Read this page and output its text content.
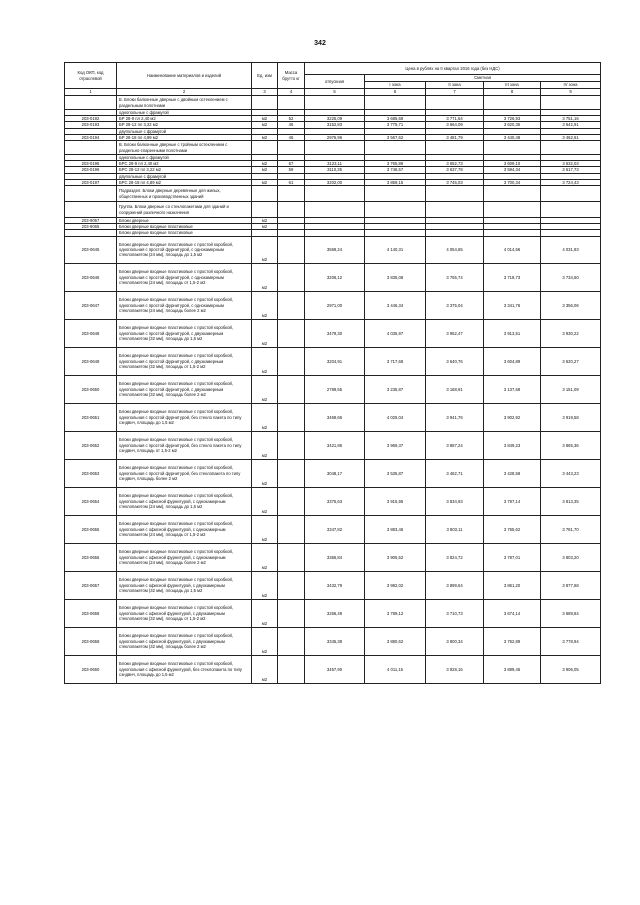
342
Код ОКП, код отраслевой	Наименование материалов и изделий	Ед. изм	Масса брутто кг	Цена в рублях на II квартал 2016 года (без НДС)				
				отпускная	Сметная			
					I зона	II зона	III зона	IV зона
1	2	3	4	5	6	7	8	9
	Б. Блоки балконные дверные с двойным остеклением с раздельным полотнами							
	однопольные с фрамугой							
203-0192	БР 28-9 пл 2,40 м2	м2	52	3225,09	3 685,68	3 771,64	3 726,93	3 751,16
203-0193	БР 28-12 пл 3,22 м2	м2	46	3152,83	3 775,71	3 664,09	3 620,35	3 642,91
	двупольные с фрамугой							
203-0194	БР 28-18 пл 4,89 м2	м2	46	2976,96	3 567,62	3 481,79	3 440,48	3 462,61
	В. Блоки балконные дверные с тройным остеклением с раздельно-спаренными полотнами							
	однопольные с фрамугой							
203-0195	БРС 28-9 пл 2,40 м2	м2	67	3123,11	3 765,89	3 652,73	3 609,10	3 632,03
203-0196	БРС 28-12 пл 3,22 м2	м2	59	3110,35	3 748,57	3 637,78	3 594,34	3 617,73
	двупольные с фрамугой							
203-0197	БРС 28-18 пл 4,89 м2	м2	61	3202,00	3 859,15	3 745,03	3 700,34	3 724,43
	Подраздел. Блоки дверные деревянные для жилых, общественных и производственных зданий							
	Группа. Блоки дверные со стеклопакетами для зданий и сооружений различного назначения							
203-9057	Блоки дверные	м2						
203-9065	Блоки дверные входные пластиковые	м2						
	Блоки дверные входные пластиковые							
203-0645	Блоки дверные входные пластиковые с простой коробкой, однопольная с простой фурнитурой, с однокамерным стеклопакетом (24 мм), площадь до 1,5 м2	м2		3569,24	4 140,31	4 054,65	4 014,66	4 031,83
203-0646	Блоки дверные входные пластиковые с простой коробкой, однопольная с простой фурнитурой, с однокамерным стеклопакетом (24 мм), площадь от 1,5-2 м2	м2		3206,12	3 835,08	3 755,74	3 718,73	3 734,60
203-0647	Блоки дверные входные пластиковые с простой коробкой, однопольная с простой фурнитурой, с однокамерным стеклопакетом (24 мм), площадь более 2 м2	м2		2971,00	3 446,34	3 375,04	3 341,76	3 356,06
203-0648	Блоки дверные входные пластиковые с простой коробкой, однопольная с простой фурнитурой, с двухкамерным стеклопакетом (32 мм), площадь до 1,5 м2	м2		3479,30	4 035,97	3 952,47	3 913,51	3 930,22
203-0649	Блоки дверные входные пластиковые с простой коробкой, однопольная с простой фурнитурой, с двухкамерным стеклопакетом (32 мм), площадь от 1,5-2 м2	м2		3204,91	3 717,68	3 640,76	3 604,89	3 620,27
203-0650	Блоки дверные входные пластиковые с простой коробкой, однопольная с простой фурнитурой, с двухкамерным стеклопакетом (32 мм), площадь более 2 м2	м2		2789,55	3 235,87	3 168,91	3 137,68	3 151,09
203-0651	Блоки дверные входные пластиковые с простой коробкой, однопольная с простой фурнитурой, без стекло пакета по типу сэндвич, площадь до 1,5 м2	м2		3469,66	4 025,04	3 941,76	3 902,92	3 919,58
203-0652	Блоки дверные входные пластиковые с простой коробкой, однопольная с простой фурнитурой, без стекло пакета по типу сэндвич, площадь от 1,5-2 м2	м2		3421,86	3 969,37	3 887,24	3 849,23	3 865,36
203-0653	Блоки дверные входные пластиковые с простой коробкой, однопольная с простой фурнитурой, без стеклопакета по типу сэндвич, площадь более 2 м2	м2		3048,17	3 535,87	3 462,71	3 428,58	3 443,23
203-0654	Блоки дверные входные пластиковые с простой коробкой, однопольная с офисной фурнитурой, с однокамерным стеклопакетом (24 мм), площадь до 1,5 м2	м2		3375,63	3 915,95	3 834,93	3 797,14	3 813,35
203-0655	Блоки дверные входные пластиковые с простой коробкой, однопольная с офисной фурнитурой, с однокамерным стеклопакетом (24 мм), площадь от 1,5-2 м2	м2		3347,82	3 883,46	3 803,11	3 765,62	3 781,70
203-0656	Блоки дверные входные пластиковые с простой коробкой, однопольная с офисной фурнитурой, с однокамерным стеклопакетом (24 мм), площадь более 2 м2	м2		3366,84	3 905,52	3 824,72	3 787,01	3 803,20
203-0657	Блоки дверные входные пластиковые с простой коробкой, однопольная с офисной фурнитурой, с двухкамерным стеклопакетом (32 мм), площадь до 1,5 м2	м2		3432,79	3 982,02	3 899,64	3 861,20	3 877,68
203-0658	Блоки дверные входные пластиковые с простой коробкой, однопольная с офисной фурнитурой, с двухкамерным стеклопакетом (32 мм), площадь от 1,5-2 м2	м2		3266,49	3 789,12	3 710,73	3 674,14	3 689,84
203-0659	Блоки дверные входные пластиковые с простой коробкой, однопольная с офисной фурнитурой, с двухкамерным стеклопакетом (32 мм), площадь более 2 м2	м2		3345,38	3 880,62	3 800,34	3 762,89	3 778,94
203-0660	Блоки дверные входные пластиковые с простой коробкой, однопольная с офисной фурнитурой, без стеклопакета по типу сэндвич, площадь до 1,5 м2	м2		3457,90	4 011,15	3 928,16	3 889,45	3 906,05
